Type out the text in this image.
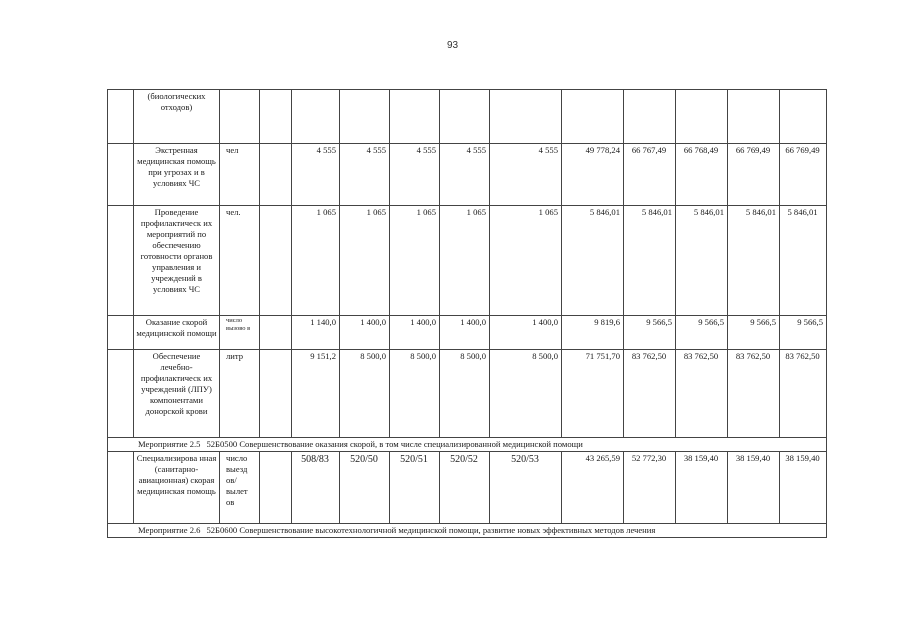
93
	(биологических отходов)												
	Экстренная медицинская помощь при угрозах и в условиях ЧС	чел		4 555	4 555	4 555	4 555	4 555	49 778,24	66 767,49	66 768,49	66 769,49	66 769,49
	Проведение профилактическ их мероприятий по обеспечению готовности органов управления и учреждений в условиях ЧС	чел.		1 065	1 065	1 065	1 065	1 065	5 846,01	5 846,01	5 846,01	5 846,01	5 846,01
	Оказание скорой медицинской помощи	число вызово в		1 140,0	1 400,0	1 400,0	1 400,0	1 400,0	9 819,6	9 566,5	9 566,5	9 566,5	9 566,5
	Обеспечение лечебно-профилактическ их учреждений (ЛПУ) компонентами донорской крови	литр		9 151,2	8 500,0	8 500,0	8 500,0	8 500,0	71 751,70	83 762,50	83 762,50	83 762,50	83 762,50
Мероприятие 2.5 52Б0500 Совершенствование оказания скорой, в том числе специализированной медицинской помощи													
	Специализирова нная (санитарно-авиационная) скорая медицинская помощь	число выезд ов/ вылет ов		508/83	520/50	520/51	520/52	520/53	43 265,59	52 772,30	38 159,40	38 159,40	38 159,40
Мероприятие 2.6 52Б0600 Совершенствование высокотехнологичной медицинской помощи, развитие новых эффективных методов лечения													
